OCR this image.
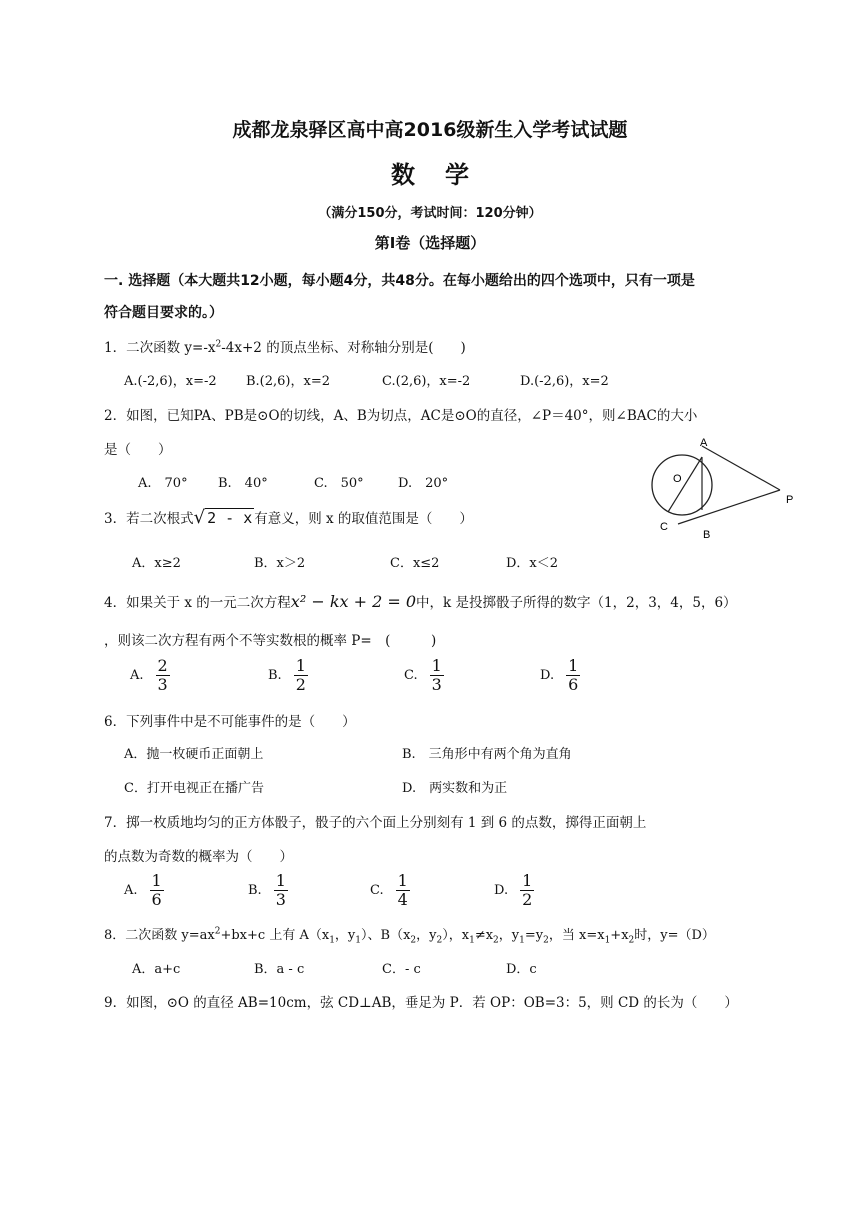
成都龙泉驿区高中高2016级新生入学考试试题
数学
（满分150分，考试时间：120分钟）
第Ⅰ卷（选择题）
一. 选择题（本大题共12小题，每小题4分，共48分。在每小题给出的四个选项中，只有一项是
符合题目要求的。）
1．二次函数 $y=-x^2-4x+2$ 的顶点坐标、对称轴分别是(　　)
A.(-2,6)，x=-2 B.(2,6)，x=2	C.(2,6)，x=-2	D.(-2,6)，x=2
2．如图，已知PA、PB是⊙O的切线，A、B为切点，AC是⊙O的直径，∠P＝40°，则∠BAC的大小
是（　　）
A.　70° B.　40°	C.　50°	D.　20°
A
O
P
C
B
3．若二次根式√ 2 - x 有意义，则 x 的取值范围是（　　）
A．x≥2	B．x＞2	C．x≤2	D．x＜2
4．如果关于 x 的一元二次方程x² − kx + 2 = 0中，k 是投掷骰子所得的数字（1，2，3，4，5，6）
，则该二次方程有两个不等实数根的概率 P=　(　　　)
A. $\frac{2}{3}$	B. $\frac{1}{2}$	C. $\frac{1}{3}$	D. $\frac{1}{6}$
6．下列事件中是不可能事件的是（　　）
A．抛一枚硬币正面朝上	B.　三角形中有两个角为直角
C．打开电视正在播广告	D.　两实数和为正
7．掷一枚质地均匀的正方体骰子，骰子的六个面上分别刻有 1 到 6 的点数，掷得正面朝上
的点数为奇数的概率为（　　）
A. $\frac{1}{6}$	B. $\frac{1}{3}$	C. $\frac{1}{4}$	D. $\frac{1}{2}$
8．二次函数 $y=ax^2+bx+c$ 上有 $A(x_1$，$y_1$）、$B(x_2$，$y_2$），$x_1\ne x_2$，$y_1=y_2$，当 $x=x_1+x_2$时，y=（D）
A．a+c	B．a - c	C．- c	D．c
9．如图，⊙O 的直径 AB=10cm，弦 CD⊥AB，垂足为 P．若 OP：OB=3：5，则 CD 的长为（　　）
